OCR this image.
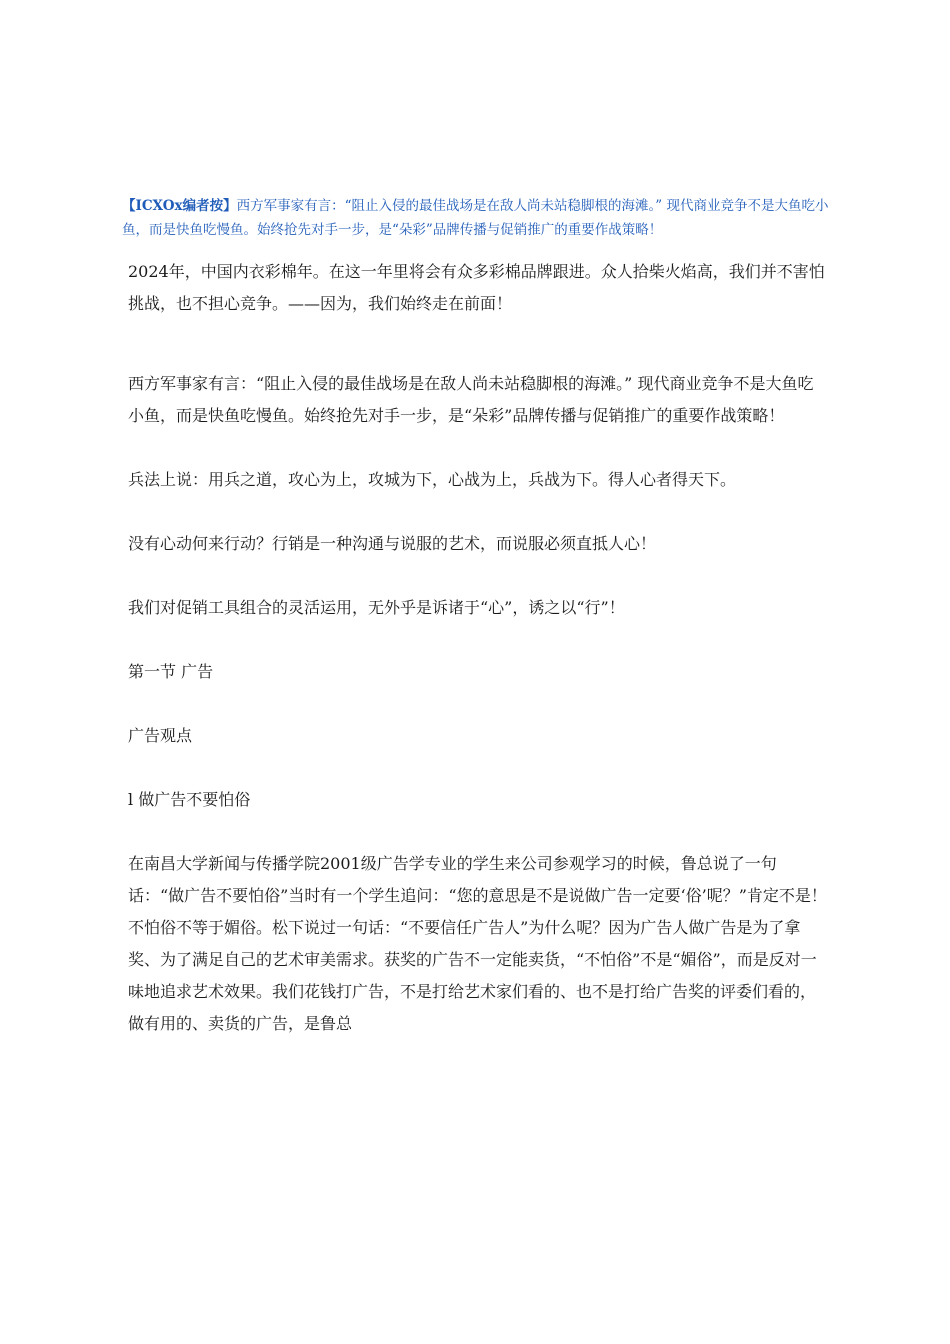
【ICXOx编者按】西方军事家有言：“阻止入侵的最佳战场是在敌人尚未站稳脚根的海滩。” 现代商业竞争不是大鱼吃小鱼，而是快鱼吃慢鱼。始终抢先对手一步，是“朵彩”品牌传播与促销推广的重要作战策略！

2024年，中国内衣彩棉年。在这一年里将会有众多彩棉品牌跟进。众人拾柴火焰高，我们并不害怕挑战，也不担心竞争。——因为，我们始终走在前面！

西方军事家有言：“阻止入侵的最佳战场是在敌人尚未站稳脚根的海滩。” 现代商业竞争不是大鱼吃小鱼，而是快鱼吃慢鱼。始终抢先对手一步，是“朵彩”品牌传播与促销推广的重要作战策略！

兵法上说：用兵之道，攻心为上，攻城为下，心战为上，兵战为下。得人心者得天下。

没有心动何来行动？行销是一种沟通与说服的艺术，而说服必须直抵人心！

我们对促销工具组合的灵活运用，无外乎是诉诸于“心”，诱之以“行”！

第一节 广告

广告观点

l 做广告不要怕俗

在南昌大学新闻与传播学院2001级广告学专业的学生来公司参观学习的时候，鲁总说了一句话：“做广告不要怕俗”当时有一个学生追问：“您的意思是不是说做广告一定要‘俗’呢？”肯定不是！不怕俗不等于媚俗。松下说过一句话：“不要信任广告人”为什么呢？因为广告人做广告是为了拿奖、为了满足自己的艺术审美需求。获奖的广告不一定能卖货，“不怕俗”不是“媚俗”，而是反对一味地追求艺术效果。我们花钱打广告，不是打给艺术家们看的、也不是打给广告奖的评委们看的，做有用的、卖货的广告，是鲁总
